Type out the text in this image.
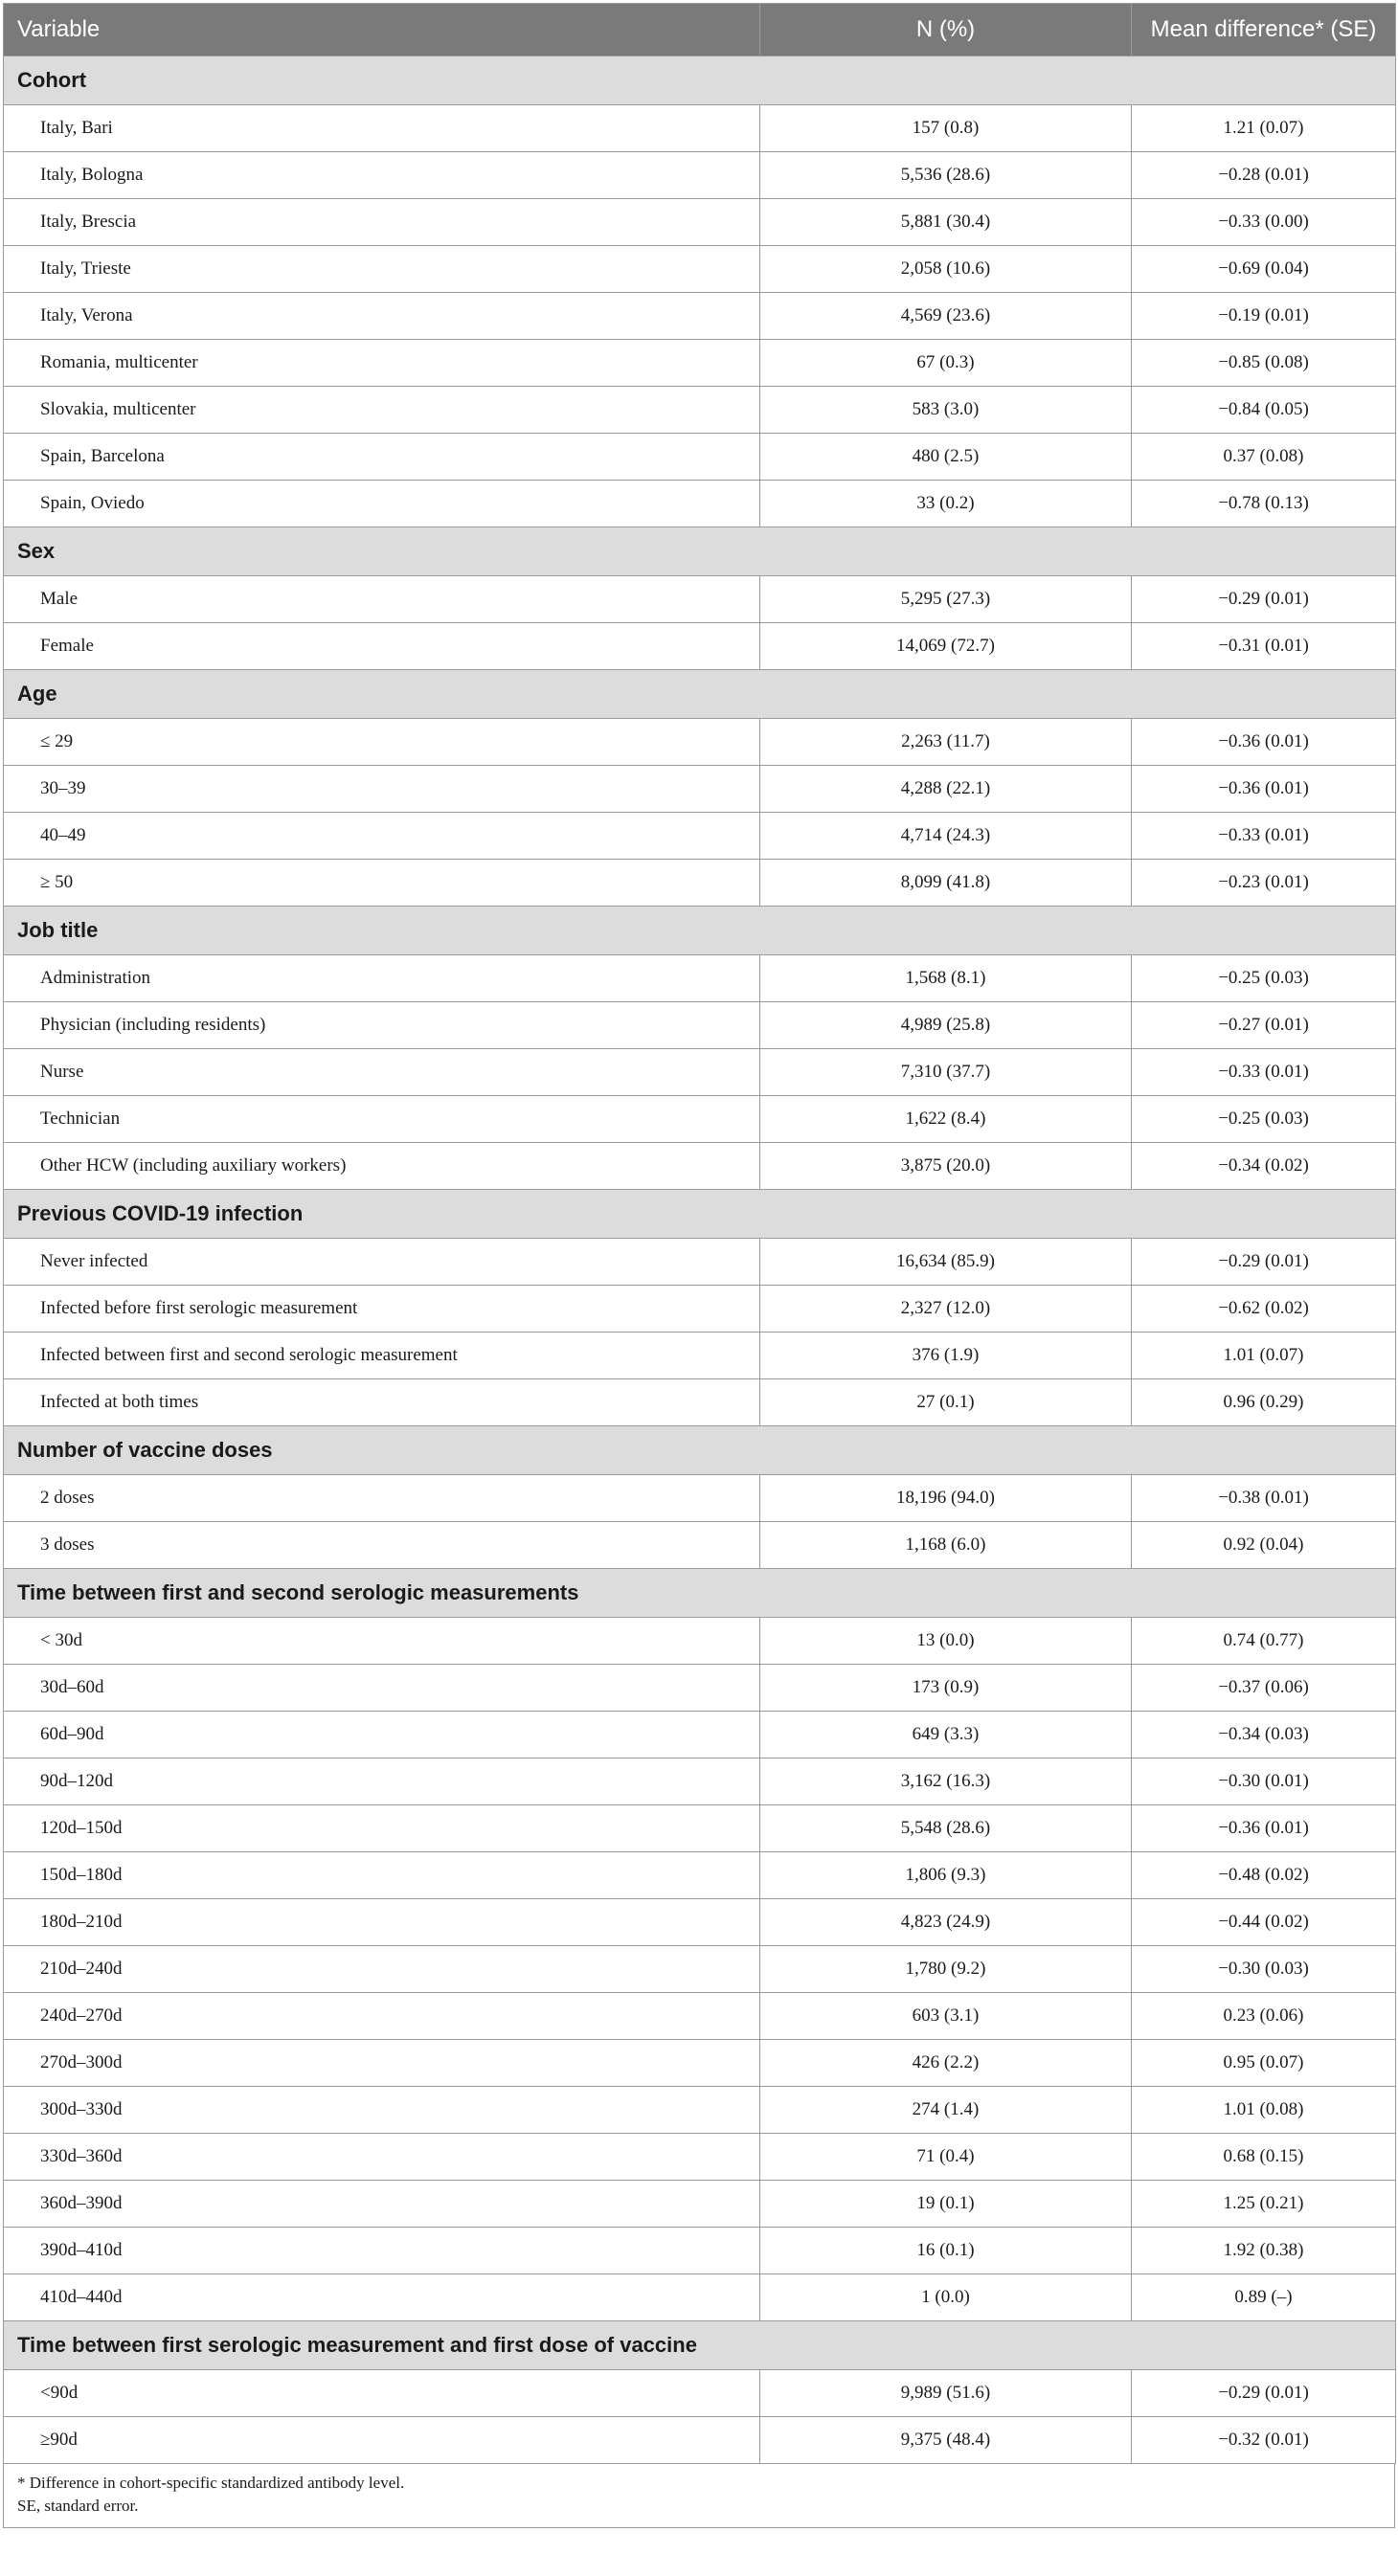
Variable	N (%)	Mean difference* (SE)
Cohort		
Italy, Bari	157 (0.8)	1.21 (0.07)
Italy, Bologna	5,536 (28.6)	−0.28 (0.01)
Italy, Brescia	5,881 (30.4)	−0.33 (0.00)
Italy, Trieste	2,058 (10.6)	−0.69 (0.04)
Italy, Verona	4,569 (23.6)	−0.19 (0.01)
Romania, multicenter	67 (0.3)	−0.85 (0.08)
Slovakia, multicenter	583 (3.0)	−0.84 (0.05)
Spain, Barcelona	480 (2.5)	0.37 (0.08)
Spain, Oviedo	33 (0.2)	−0.78 (0.13)
Sex		
Male	5,295 (27.3)	−0.29 (0.01)
Female	14,069 (72.7)	−0.31 (0.01)
Age		
≤ 29	2,263 (11.7)	−0.36 (0.01)
30–39	4,288 (22.1)	−0.36 (0.01)
40–49	4,714 (24.3)	−0.33 (0.01)
≥ 50	8,099 (41.8)	−0.23 (0.01)
Job title		
Administration	1,568 (8.1)	−0.25 (0.03)
Physician (including residents)	4,989 (25.8)	−0.27 (0.01)
Nurse	7,310 (37.7)	−0.33 (0.01)
Technician	1,622 (8.4)	−0.25 (0.03)
Other HCW (including auxiliary workers)	3,875 (20.0)	−0.34 (0.02)
Previous COVID-19 infection		
Never infected	16,634 (85.9)	−0.29 (0.01)
Infected before first serologic measurement	2,327 (12.0)	−0.62 (0.02)
Infected between first and second serologic measurement	376 (1.9)	1.01 (0.07)
Infected at both times	27 (0.1)	0.96 (0.29)
Number of vaccine doses		
2 doses	18,196 (94.0)	−0.38 (0.01)
3 doses	1,168 (6.0)	0.92 (0.04)
Time between first and second serologic measurements		
< 30d	13 (0.0)	0.74 (0.77)
30d–60d	173 (0.9)	−0.37 (0.06)
60d–90d	649 (3.3)	−0.34 (0.03)
90d–120d	3,162 (16.3)	−0.30 (0.01)
120d–150d	5,548 (28.6)	−0.36 (0.01)
150d–180d	1,806 (9.3)	−0.48 (0.02)
180d–210d	4,823 (24.9)	−0.44 (0.02)
210d–240d	1,780 (9.2)	−0.30 (0.03)
240d–270d	603 (3.1)	0.23 (0.06)
270d–300d	426 (2.2)	0.95 (0.07)
300d–330d	274 (1.4)	1.01 (0.08)
330d–360d	71 (0.4)	0.68 (0.15)
360d–390d	19 (0.1)	1.25 (0.21)
390d–410d	16 (0.1)	1.92 (0.38)
410d–440d	1 (0.0)	0.89 (–)
Time between first serologic measurement and first dose of vaccine		
<90d	9,989 (51.6)	−0.29 (0.01)
≥90d	9,375 (48.4)	−0.32 (0.01)
* Difference in cohort-specific standardized antibody level.
SE, standard error.
